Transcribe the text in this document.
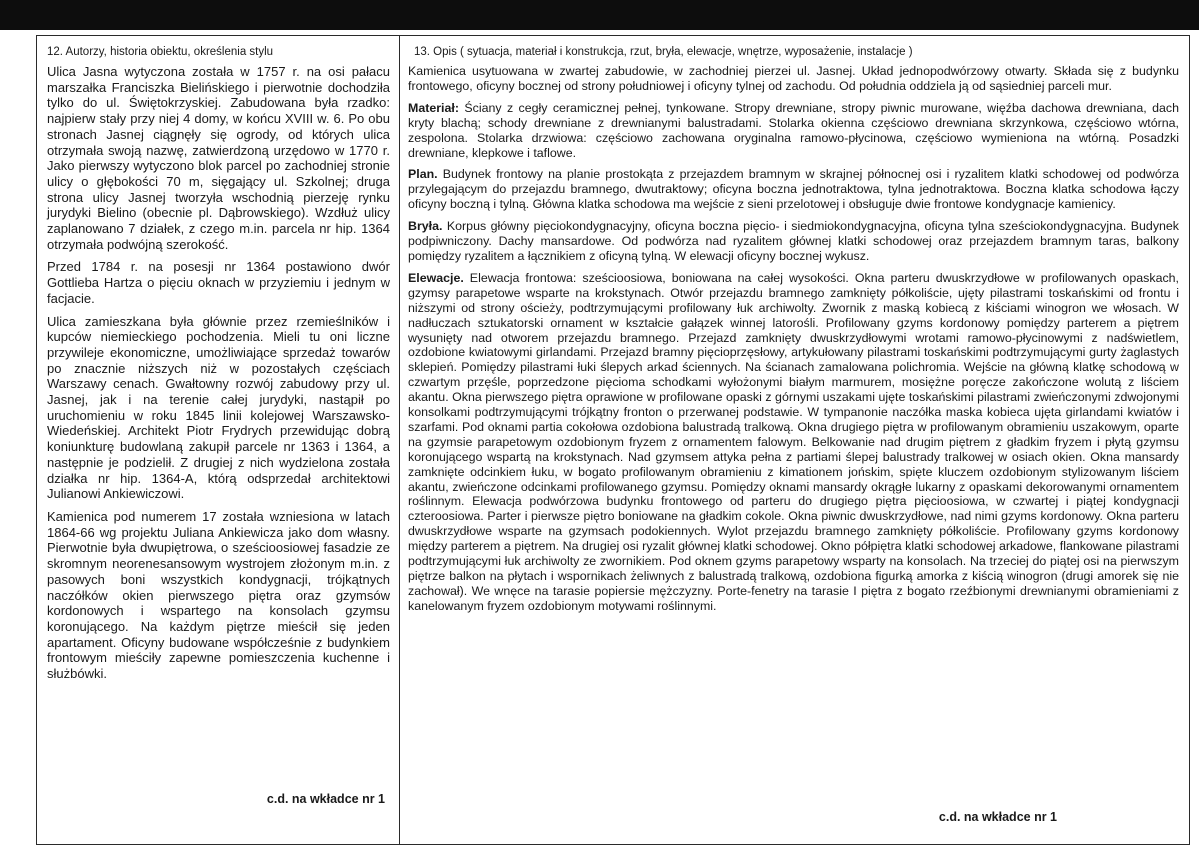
12. Autorzy, historia obiektu, określenia stylu

Ulica Jasna wytyczona została w 1757 r. na osi pałacu marszałka Franciszka Bielińskiego i pierwotnie dochodziła tylko do ul. Świętokrzyskiej. Zabudowana była rzadko: najpierw stały przy niej 4 domy, w końcu XVIII w. 6. Po obu stronach Jasnej ciągnęły się ogrody, od których ulica otrzymała swoją nazwę, zatwierdzoną urzędowo w 1770 r. Jako pierwszy wytyczono blok parcel po zachodniej stronie ulicy o głębokości 70 m, sięgający ul. Szkolnej; druga strona ulicy Jasnej tworzyła wschodnią pierzeję rynku jurydyki Bielino (obecnie pl. Dąbrowskiego). Wzdłuż ulicy zaplanowano 7 działek, z czego m.in. parcela nr hip. 1364 otrzymała podwójną szerokość.

Przed 1784 r. na posesji nr 1364 postawiono dwór Gottlieba Hartza o pięciu oknach w przyziemiu i jednym w facjacie.

Ulica zamieszkana była głównie przez rzemieślników i kupców niemieckiego pochodzenia. Mieli tu oni liczne przywileje ekonomiczne, umożliwiające sprzedaż towarów po znacznie niższych niż w pozostałych częściach Warszawy cenach. Gwałtowny rozwój zabudowy przy ul. Jasnej, jak i na terenie całej jurydyki, nastąpił po uruchomieniu w roku 1845 linii kolejowej Warszawsko-Wiedeńskiej. Architekt Piotr Frydrych przewidując dobrą koniunkturę budowlaną zakupił parcele nr 1363 i 1364, a następnie je podzielił. Z drugiej z nich wydzielona została działka nr hip. 1364-A, którą odsprzedał architektowi Julianowi Ankiewiczowi.

Kamienica pod numerem 17 została wzniesiona w latach 1864-66 wg projektu Juliana Ankiewicza jako dom własny. Pierwotnie była dwupiętrowa, o sześcioosiowej fasadzie ze skromnym neorenesansowym wystrojem złożonym m.in. z pasowych boni wszystkich kondygnacji, trójkątnych naczółków okien pierwszego piętra oraz gzymsów kordonowych i wspartego na konsolach gzymsu koronującego. Na każdym piętrze mieścił się jeden apartament. Oficyny budowane współcześnie z budynkiem frontowym mieściły zapewne pomieszczenia kuchenne i służbówki.

c.d. na wkładce nr 1
13. Opis ( sytuacja, materiał i konstrukcja, rzut, bryła, elewacje, wnętrze, wyposażenie, instalacje )

Kamienica usytuowana w zwartej zabudowie, w zachodniej pierzei ul. Jasnej. Układ jednopodwórzowy otwarty. Składa się z budynku frontowego, oficyny bocznej od strony południowej i oficyny tylnej od zachodu. Od południa oddziela ją od sąsiedniej parceli mur.

Materiał: Ściany z cegły ceramicznej pełnej, tynkowane. Stropy drewniane, stropy piwnic murowane, więźba dachowa drewniana, dach kryty blachą; schody drewniane z drewnianymi balustradami. Stolarka okienna częściowo drewniana skrzynkowa, częściowo wtórna, zespolona. Stolarka drzwiowa: częściowo zachowana oryginalna ramowo-płycinowa, częściowo wymieniona na wtórną. Posadzki drewniane, klepkowe i taflowe.

Plan. Budynek frontowy na planie prostokąta z przejazdem bramnym w skrajnej północnej osi i ryzalitem klatki schodowej od podwórza przylegającym do przejazdu bramnego, dwutraktowy; oficyna boczna jednotraktowa, tylna jednotraktowa. Boczna klatka schodowa łączy oficyny boczną i tylną. Główna klatka schodowa ma wejście z sieni przelotowej i obsługuje dwie frontowe kondygnacje kamienicy.

Bryła. Korpus główny pięciokondygnacyjny, oficyna boczna pięcio- i siedmiokondygnacyjna, oficyna tylna sześciokondygnacyjna. Budynek podpiwniczony. Dachy mansardowe. Od podwórza nad ryzalitem głównej klatki schodowej oraz przejazdem bramnym taras, balkony pomiędzy ryzalitem a łącznikiem z oficyną tylną. W elewacji oficyny bocznej wykusz.

Elewacje. Elewacja frontowa: sześcioosiowa, boniowana na całej wysokości. Okna parteru dwuskrzydłowe w profilowanych opaskach, gzymsy parapetowe wsparte na krokstynach. Otwór przejazdu bramnego zamknięty półkoliście, ujęty pilastrami toskańskimi od frontu i niższymi od strony ościeży, podtrzymującymi profilowany łuk archiwolty. Zwornik z maską kobiecą z kiściami winogron we włosach. W nadłuczach sztukatorski ornament w kształcie gałązek winnej latorośli. Profilowany gzyms kordonowy pomiędzy parterem a piętrem wysunięty nad otworem przejazdu bramnego. Przejazd zamknięty dwuskrzydłowymi wrotami ramowo-płycinowymi z nadświetlem, ozdobione kwiatowymi girlandami. Przejazd bramny pięcioprzęsłowy, artykułowany pilastrami toskańskimi podtrzymującymi gurty żaglastych sklepień. Pomiędzy pilastrami łuki ślepych arkad ściennych. Na ścianach zamalowana polichromia. Wejście na główną klatkę schodową w czwartym przęśle, poprzedzone pięcioma schodkami wyłożonymi białym marmurem, mosiężne poręcze zakończone wolutą z liściem akantu. Okna pierwszego piętra oprawione w profilowane opaski z górnymi uszakami ujęte toskańskimi pilastrami zwieńczonymi zdwojonymi konsolkami podtrzymującymi trójkątny fronton o przerwanej podstawie. W tympanonie naczółka maska kobieca ujęta girlandami kwiatów i szarfami. Pod oknami partia cokołowa ozdobiona balustradą tralkową. Okna drugiego piętra w profilowanym obramieniu uszakowym, oparte na gzymsie parapetowym ozdobionym fryzem z ornamentem falowym. Belkowanie nad drugim piętrem z gładkim fryzem i płytą gzymsu koronującego wspartą na krokstynach. Nad gzymsem attyka pełna z partiami ślepej balustrady tralkowej w osiach okien. Okna mansardy zamknięte odcinkiem łuku, w bogato profilowanym obramieniu z kimationem jońskim, spięte kluczem ozdobionym stylizowanym liściem akantu, zwieńczone odcinkami profilowanego gzymsu. Pomiędzy oknami mansardy okrągłe lukarny z opaskami dekorowanymi ornamentem roślinnym. Elewacja podwórzowa budynku frontowego od parteru do drugiego piętra pięcioosiowa, w czwartej i piątej kondygnacji czteroosiowa. Parter i pierwsze piętro boniowane na gładkim cokole. Okna piwnic dwuskrzydłowe, nad nimi gzyms kordonowy. Okna parteru dwuskrzydłowe wsparte na gzymsach podokiennych. Wylot przejazdu bramnego zamknięty półkoliście. Profilowany gzyms kordonowy między parterem a piętrem. Na drugiej osi ryzalit głównej klatki schodowej. Okno półpiętra klatki schodowej arkadowe, flankowane pilastrami podtrzymującymi łuk archiwolty ze zwornikiem. Pod oknem gzyms parapetowy wsparty na konsolach. Na trzeciej do piątej osi na pierwszym piętrze balkon na płytach i wspornikach żeliwnych z balustradą tralkową, ozdobiona figurką amorka z kiścią winogron (drugi amorek się nie zachował). We wnęce na tarasie popiersie mężczyzny. Porte-fenetry na tarasie I piętra z bogato rzeźbionymi drewnianymi obramieniami z kanelowanym fryzem ozdobionym motywami roślinnymi.

c.d. na wkładce nr 1
